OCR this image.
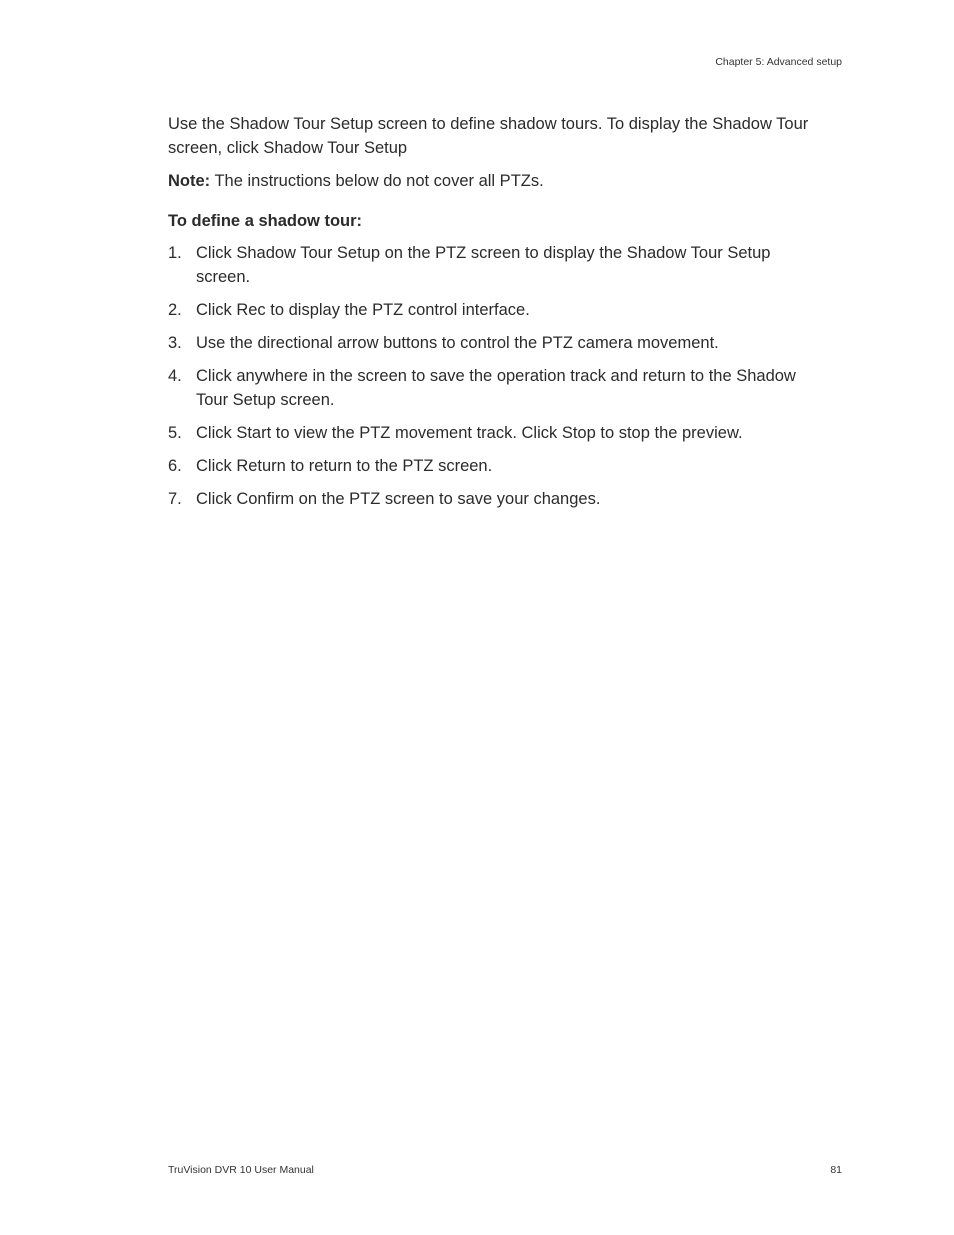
Chapter 5: Advanced setup

Use the Shadow Tour Setup screen to define shadow tours. To display the Shadow Tour screen, click Shadow Tour Setup

Note: The instructions below do not cover all PTZs.

To define a shadow tour:

1. Click Shadow Tour Setup on the PTZ screen to display the Shadow Tour Setup screen.
2. Click Rec to display the PTZ control interface.
3. Use the directional arrow buttons to control the PTZ camera movement.
4. Click anywhere in the screen to save the operation track and return to the Shadow Tour Setup screen.
5. Click Start to view the PTZ movement track. Click Stop to stop the preview.
6. Click Return to return to the PTZ screen.
7. Click Confirm on the PTZ screen to save your changes.
TruVision DVR 10 User Manual	81
